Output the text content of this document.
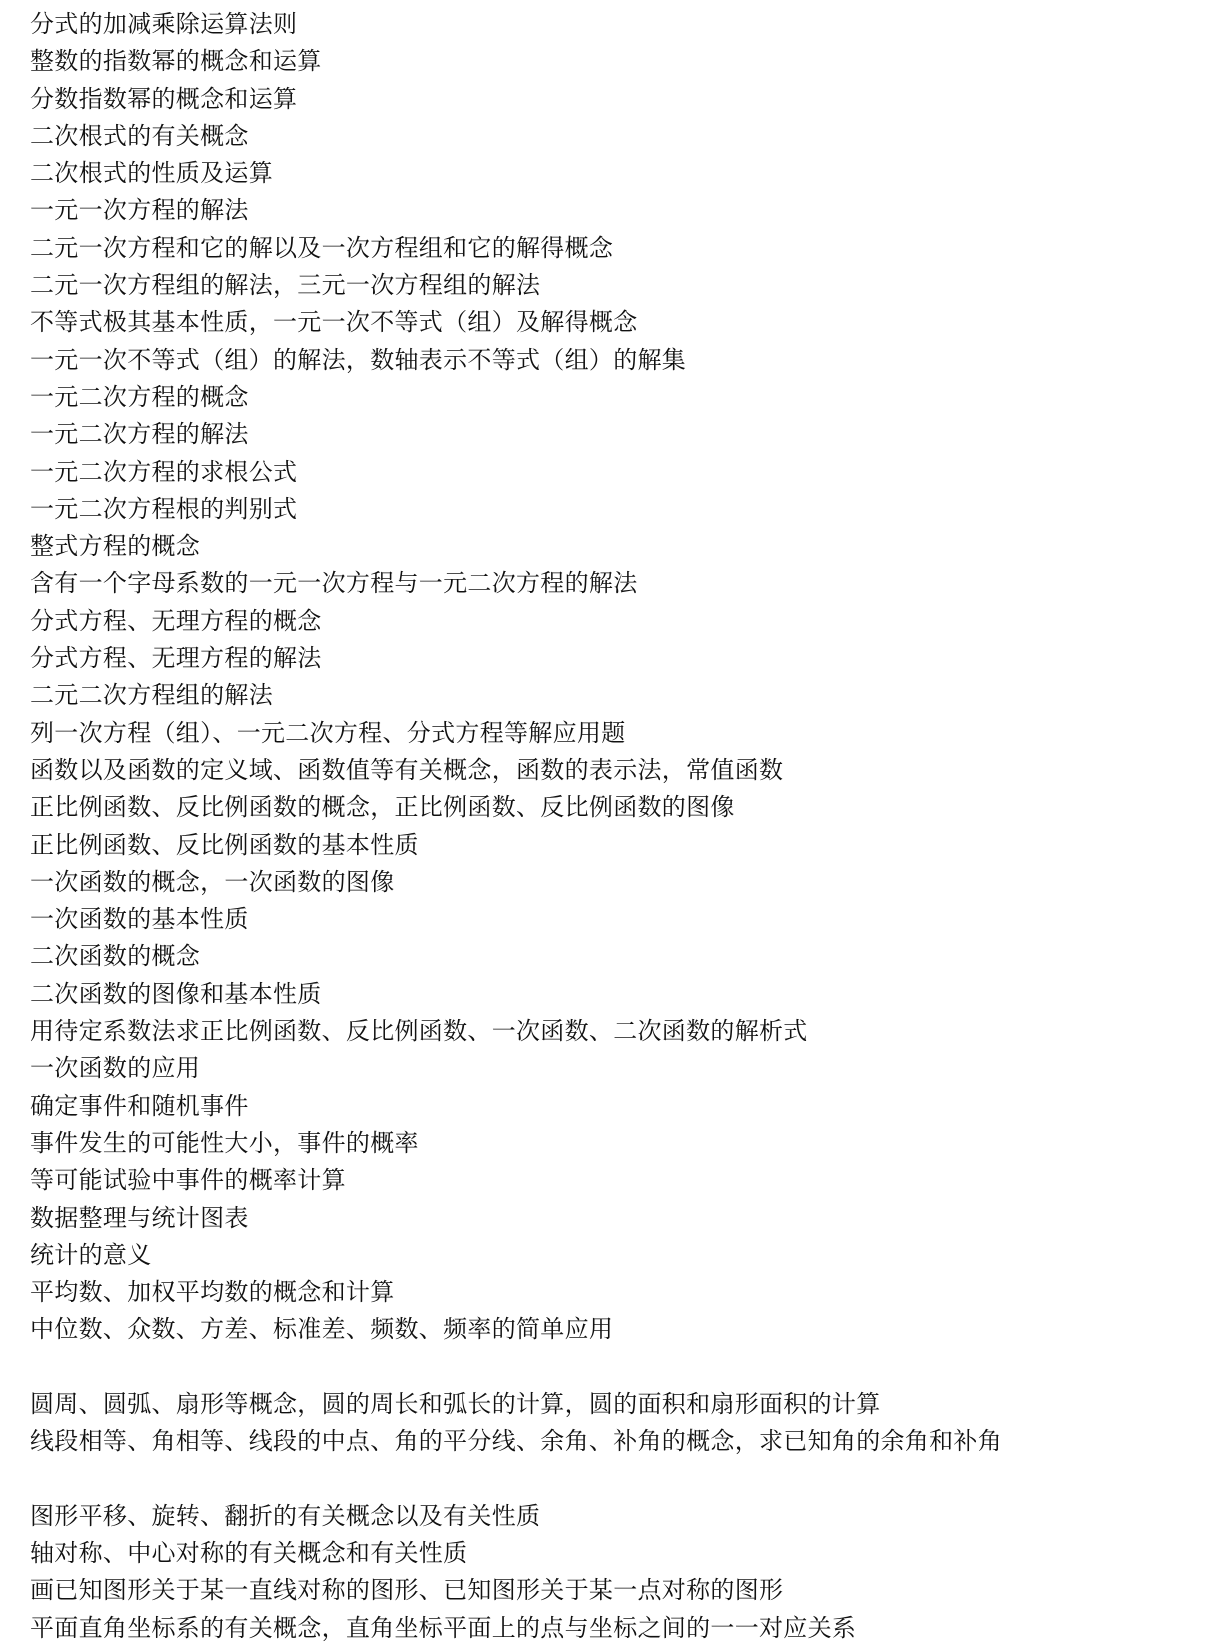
分式的加减乘除运算法则
整数的指数幂的概念和运算
分数指数幂的概念和运算
二次根式的有关概念
二次根式的性质及运算
一元一次方程的解法
二元一次方程和它的解以及一次方程组和它的解得概念
二元一次方程组的解法，三元一次方程组的解法
不等式极其基本性质，一元一次不等式（组）及解得概念
一元一次不等式（组）的解法，数轴表示不等式（组）的解集
一元二次方程的概念
一元二次方程的解法
一元二次方程的求根公式
一元二次方程根的判别式
整式方程的概念
含有一个字母系数的一元一次方程与一元二次方程的解法
分式方程、无理方程的概念
分式方程、无理方程的解法
二元二次方程组的解法
列一次方程（组）、一元二次方程、分式方程等解应用题
函数以及函数的定义域、函数值等有关概念，函数的表示法，常值函数
正比例函数、反比例函数的概念，正比例函数、反比例函数的图像
正比例函数、反比例函数的基本性质
一次函数的概念，一次函数的图像
一次函数的基本性质
二次函数的概念
二次函数的图像和基本性质
用待定系数法求正比例函数、反比例函数、一次函数、二次函数的解析式
一次函数的应用
确定事件和随机事件
事件发生的可能性大小，事件的概率
等可能试验中事件的概率计算
数据整理与统计图表
统计的意义
平均数、加权平均数的概念和计算
中位数、众数、方差、标准差、频数、频率的简单应用
圆周、圆弧、扇形等概念，圆的周长和弧长的计算，圆的面积和扇形面积的计算
线段相等、角相等、线段的中点、角的平分线、余角、补角的概念，求已知角的余角和补角
图形平移、旋转、翻折的有关概念以及有关性质
轴对称、中心对称的有关概念和有关性质
画已知图形关于某一直线对称的图形、已知图形关于某一点对称的图形
平面直角坐标系的有关概念，直角坐标平面上的点与坐标之间的一一对应关系
